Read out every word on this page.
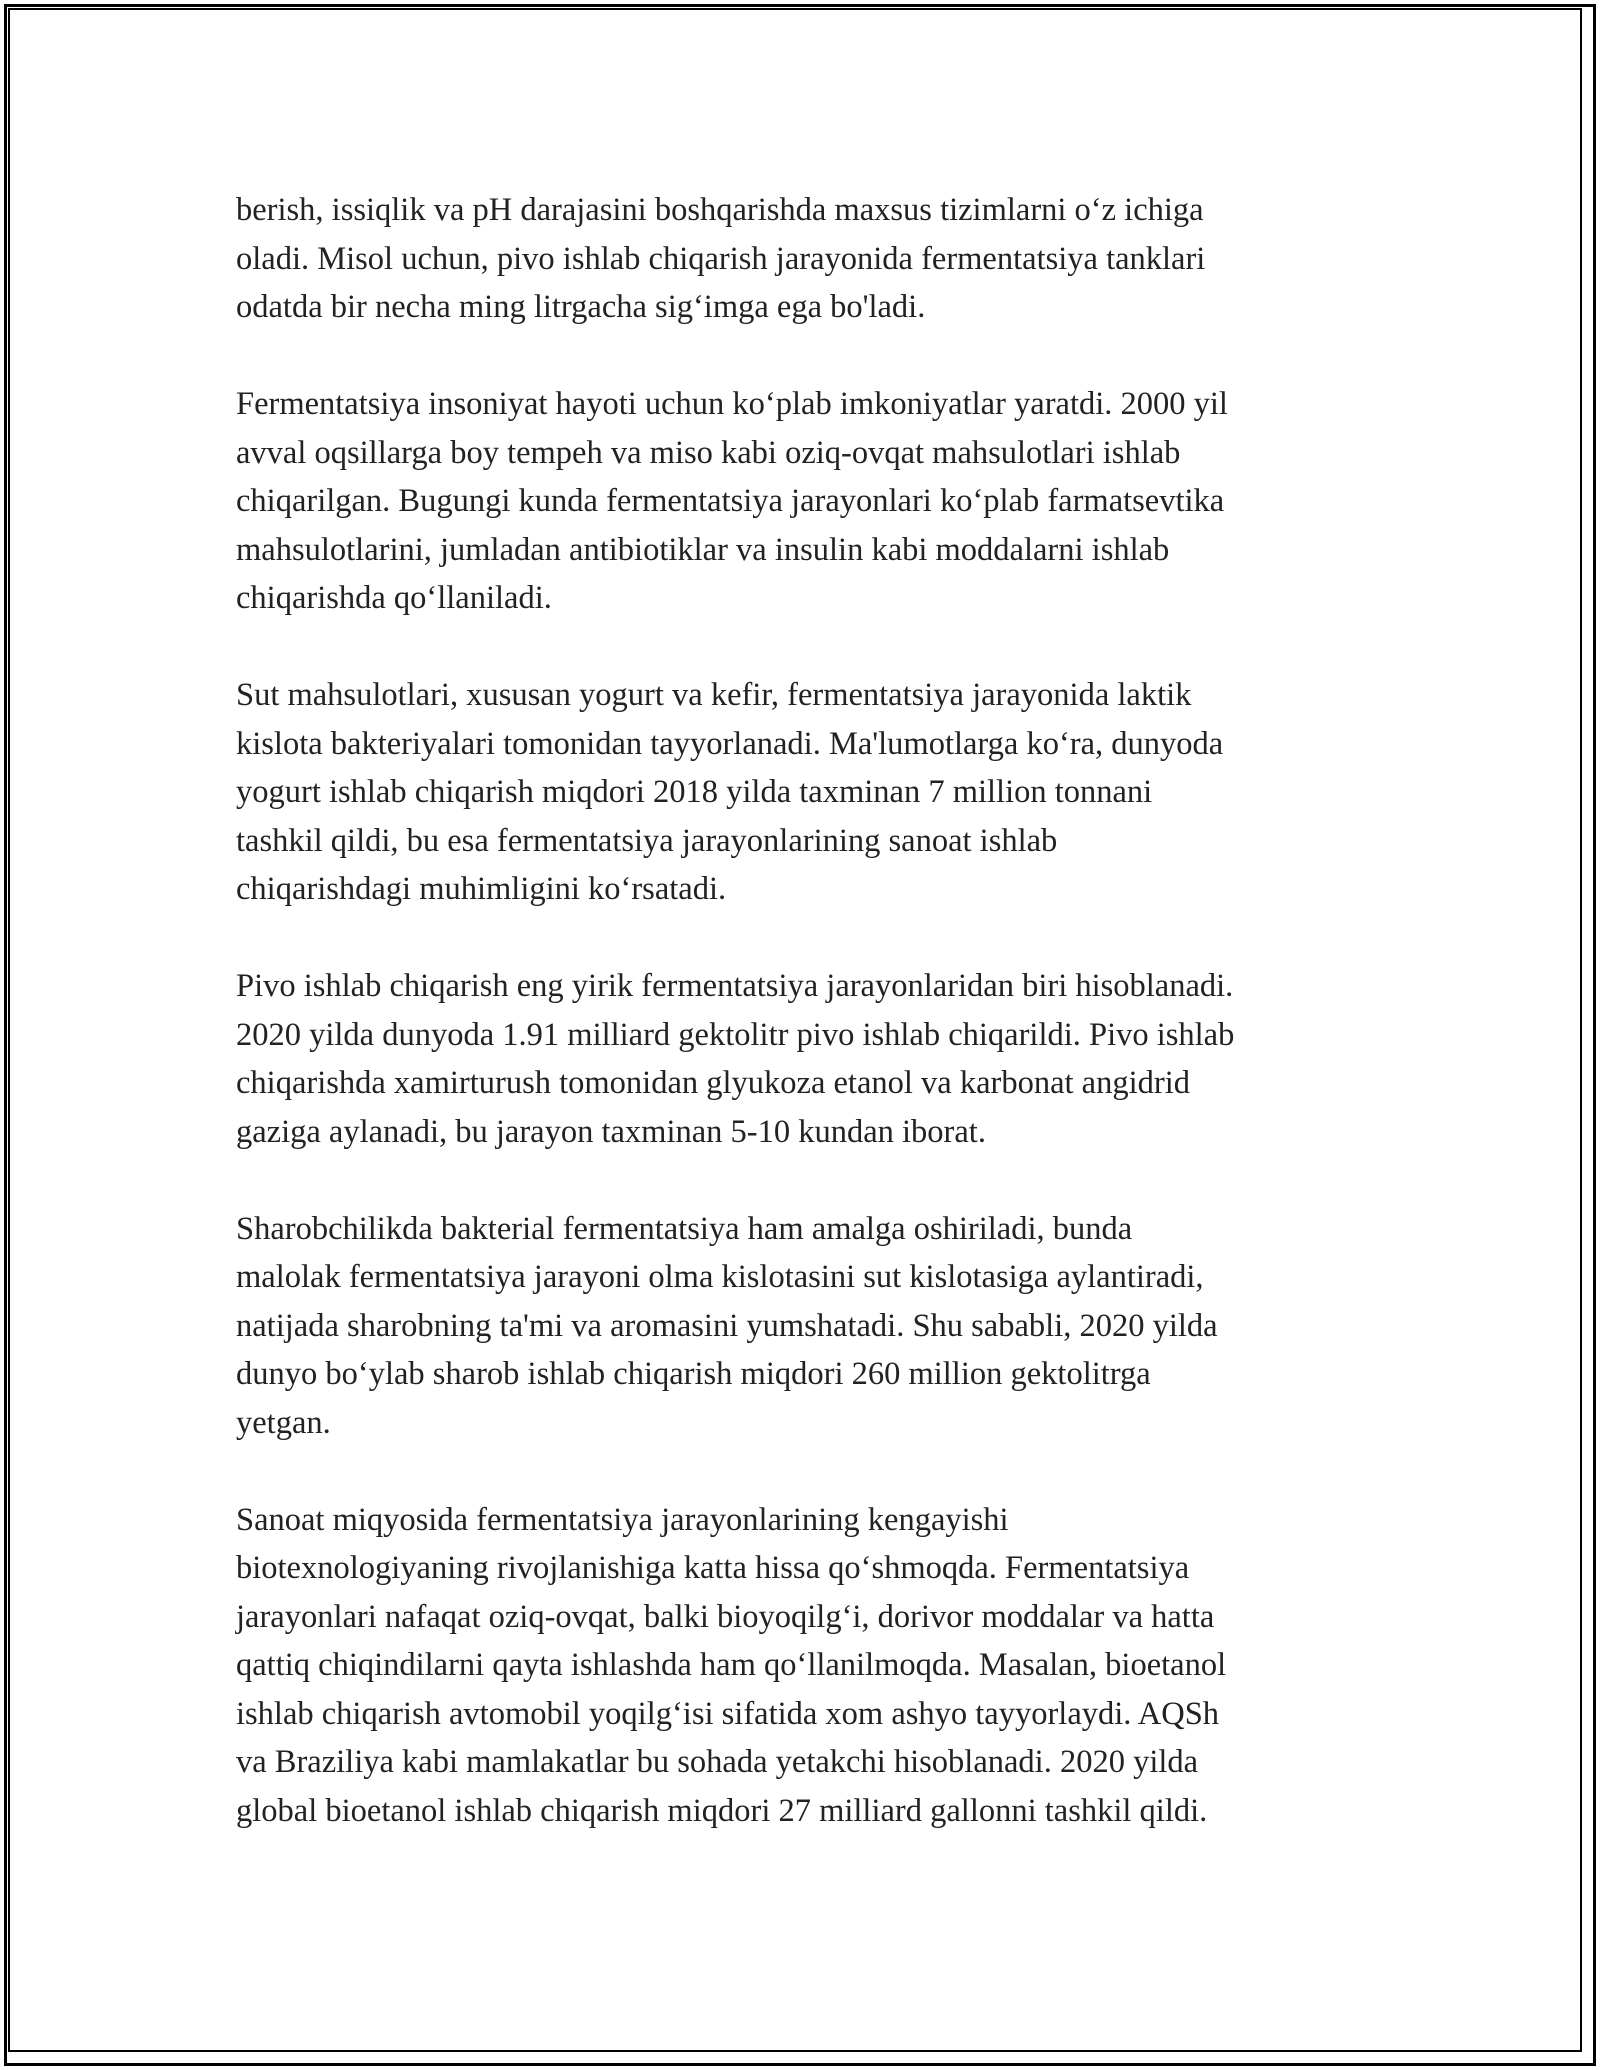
berish, issiqlik va pH darajasini boshqarishda maxsus tizimlarni o‘z ichiga
oladi. Misol uchun, pivo ishlab chiqarish jarayonida fermentatsiya tanklari
odatda bir necha ming litrgacha sig‘imga ega bo'ladi.

Fermentatsiya insoniyat hayoti uchun ko‘plab imkoniyatlar yaratdi. 2000 yil
avval oqsillarga boy tempeh va miso kabi oziq-ovqat mahsulotlari ishlab
chiqarilgan. Bugungi kunda fermentatsiya jarayonlari ko‘plab farmatsevtika
mahsulotlarini, jumladan antibiotiklar va insulin kabi moddalarni ishlab
chiqarishda qo‘llaniladi.

Sut mahsulotlari, xususan yogurt va kefir, fermentatsiya jarayonida laktik
kislota bakteriyalari tomonidan tayyorlanadi. Ma'lumotlarga ko‘ra, dunyoda
yogurt ishlab chiqarish miqdori 2018 yilda taxminan 7 million tonnani
tashkil qildi, bu esa fermentatsiya jarayonlarining sanoat ishlab
chiqarishdagi muhimligini ko‘rsatadi.

Pivo ishlab chiqarish eng yirik fermentatsiya jarayonlaridan biri hisoblanadi.
2020 yilda dunyoda 1.91 milliard gektolitr pivo ishlab chiqarildi. Pivo ishlab
chiqarishda xamirturush tomonidan glyukoza etanol va karbonat angidrid
gaziga aylanadi, bu jarayon taxminan 5-10 kundan iborat.

Sharobchilikda bakterial fermentatsiya ham amalga oshiriladi, bunda
malolak fermentatsiya jarayoni olma kislotasini sut kislotasiga aylantiradi,
natijada sharobning ta'mi va aromasini yumshatadi. Shu sababli, 2020 yilda
dunyo bo‘ylab sharob ishlab chiqarish miqdori 260 million gektolitrga
yetgan.

Sanoat miqyosida fermentatsiya jarayonlarining kengayishi
biotexnologiyaning rivojlanishiga katta hissa qo‘shmoqda. Fermentatsiya
jarayonlari nafaqat oziq-ovqat, balki bioyoqilg‘i, dorivor moddalar va hatta
qattiq chiqindilarni qayta ishlashda ham qo‘llanilmoqda. Masalan, bioetanol
ishlab chiqarish avtomobil yoqilg‘isi sifatida xom ashyo tayyorlaydi. AQSh
va Braziliya kabi mamlakatlar bu sohada yetakchi hisoblanadi. 2020 yilda
global bioetanol ishlab chiqarish miqdori 27 milliard gallonni tashkil qildi.
